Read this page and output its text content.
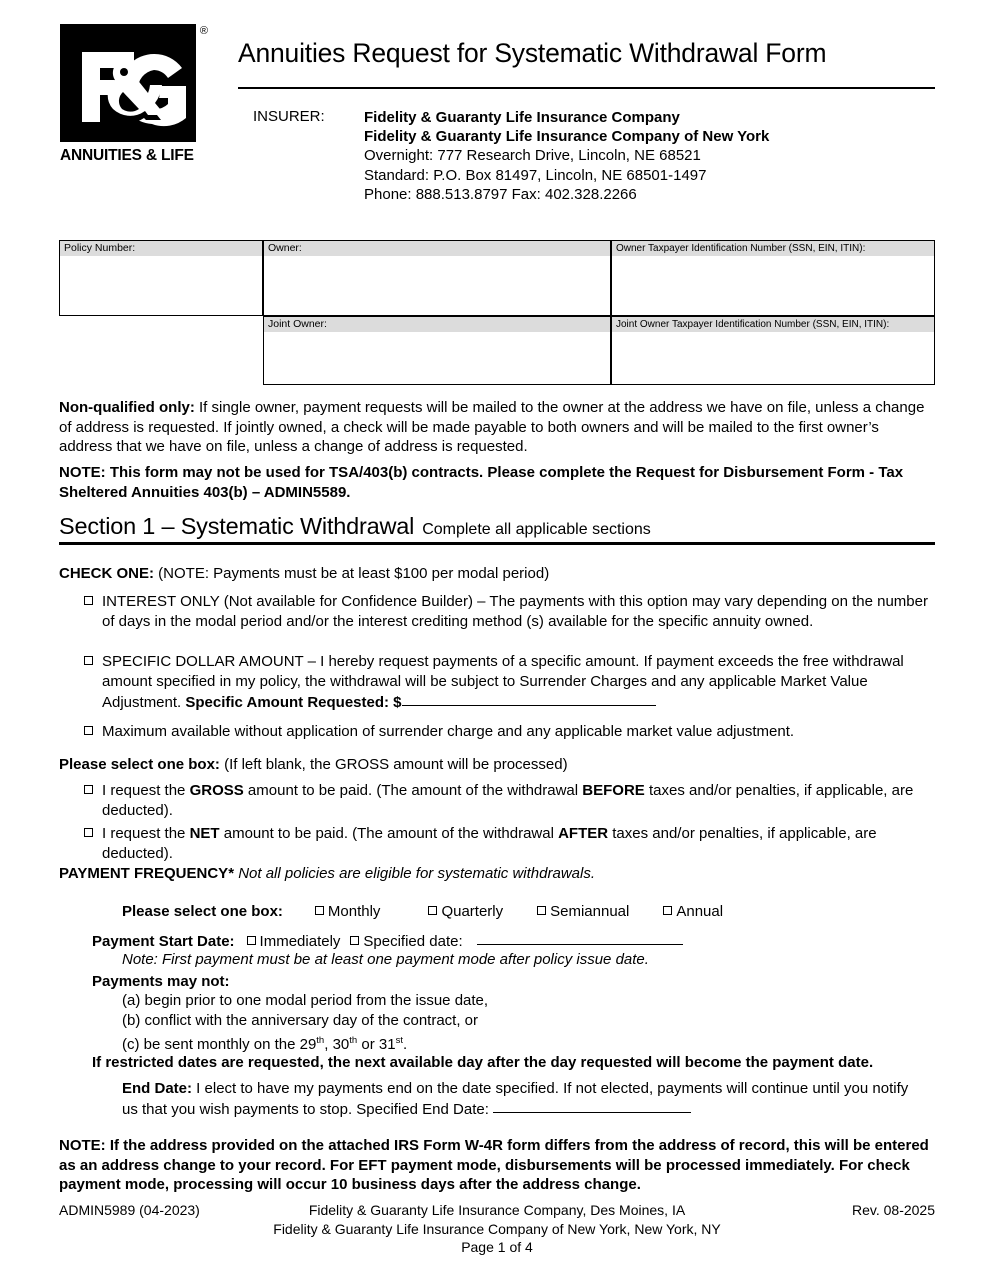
®
ANNUITIES & LIFE
Annuities Request for Systematic Withdrawal Form
INSURER:	Fidelity & Guaranty Life Insurance Company
Fidelity & Guaranty Life Insurance Company of New York
Overnight: 777 Research Drive, Lincoln, NE 68521
Standard: P.O. Box 81497, Lincoln, NE 68501-1497
Phone: 888.513.8797 Fax: 402.328.2266
Policy Number:	Owner:	Owner Taxpayer Identification Number (SSN, EIN, ITIN):
Joint Owner:	Joint Owner Taxpayer Identification Number (SSN, EIN, ITIN):
Non-qualified only: If single owner, payment requests will be mailed to the owner at the address we have on file, unless a change of address is requested. If jointly owned, a check will be made payable to both owners and will be mailed to the first owner’s address that we have on file, unless a change of address is requested.
NOTE: This form may not be used for TSA/403(b) contracts. Please complete the Request for Disbursement Form - Tax Sheltered Annuities 403(b) – ADMIN5589.
Section 1 – Systematic Withdrawal Complete all applicable sections
CHECK ONE: (NOTE: Payments must be at least $100 per modal period)
INTEREST ONLY (Not available for Confidence Builder) – The payments with this option may vary depending on the number of days in the modal period and/or the interest crediting method (s) available for the specific annuity owned.
SPECIFIC DOLLAR AMOUNT – I hereby request payments of a specific amount. If payment exceeds the free withdrawal amount specified in my policy, the withdrawal will be subject to Surrender Charges and any applicable Market Value Adjustment. Specific Amount Requested: $
Maximum available without application of surrender charge and any applicable market value adjustment.
Please select one box: (If left blank, the GROSS amount will be processed)
I request the GROSS amount to be paid. (The amount of the withdrawal BEFORE taxes and/or penalties, if applicable, are deducted).
I request the NET amount to be paid. (The amount of the withdrawal AFTER taxes and/or penalties, if applicable, are deducted).
PAYMENT FREQUENCY* Not all policies are eligible for systematic withdrawals.
Please select one box:	Monthly	Quarterly	Semiannual	Annual
Payment Start Date: Immediately Specified date:
Note: First payment must be at least one payment mode after policy issue date.
Payments may not:
(a) begin prior to one modal period from the issue date,
(b) conflict with the anniversary day of the contract, or
(c) be sent monthly on the 29th, 30th or 31st.
If restricted dates are requested, the next available day after the day requested will become the payment date.
End Date: I elect to have my payments end on the date specified. If not elected, payments will continue until you notify us that you wish payments to stop. Specified End Date:
NOTE: If the address provided on the attached IRS Form W-4R form differs from the address of record, this will be entered as an address change to your record. For EFT payment mode, disbursements will be processed immediately. For check payment mode, processing will occur 10 business days after the address change.
ADMIN5989 (04-2023)	Rev. 08-2025
Fidelity & Guaranty Life Insurance Company, Des Moines, IA
Fidelity & Guaranty Life Insurance Company of New York, New York, NY
Page 1 of 4
